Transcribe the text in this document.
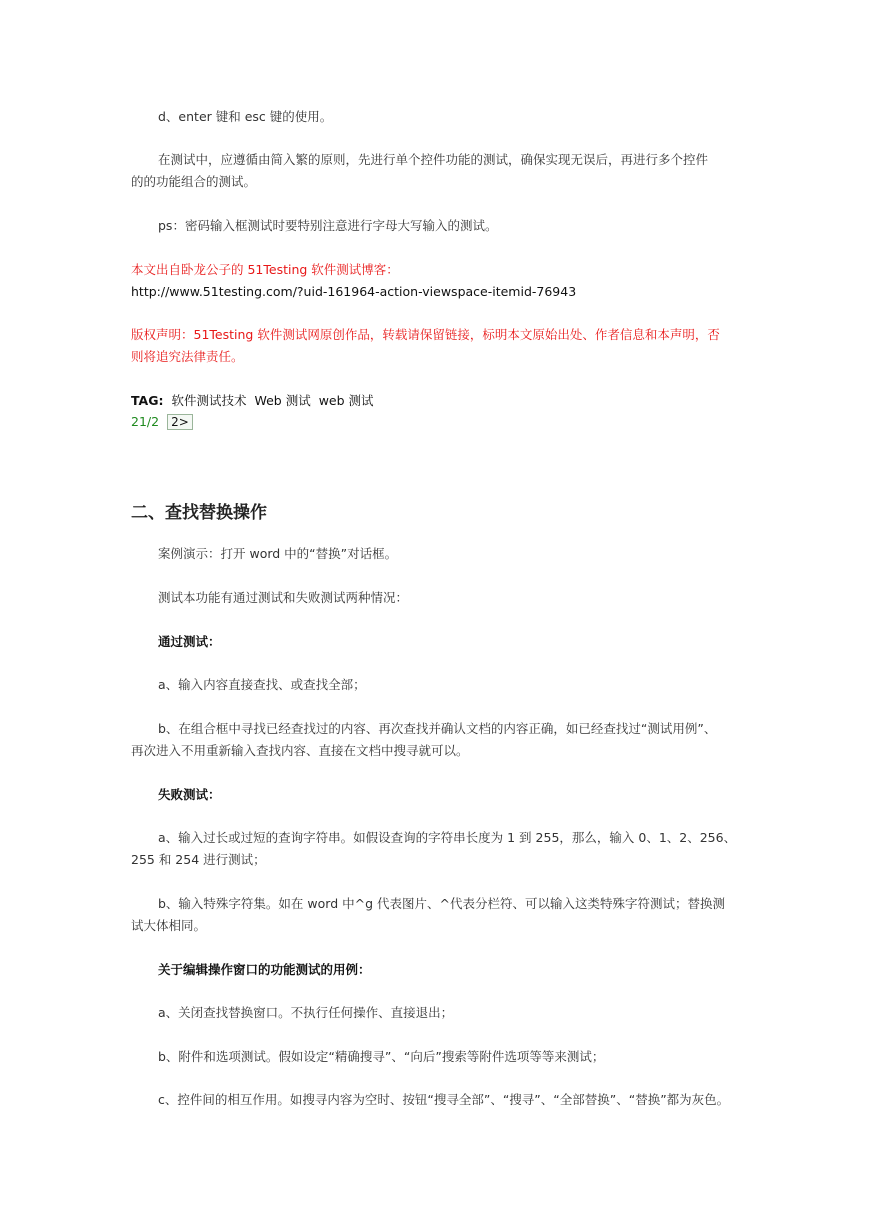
d、enter 键和 esc 键的使用。
在测试中，应遵循由简入繁的原则，先进行单个控件功能的测试，确保实现无误后，再进行多个控件
的的功能组合的测试。
ps：密码输入框测试时要特别注意进行字母大写输入的测试。
本文出自卧龙公子的 51Testing 软件测试博客：
http://www.51testing.com/?uid-161964-action-viewspace-itemid-76943
版权声明：51Testing 软件测试网原创作品，转载请保留链接，标明本文原始出处、作者信息和本声明，否
则将追究法律责任。
TAG: 软件测试技术 Web 测试 web 测试
21/2 2>
二、查找替换操作
案例演示：打开 word 中的“替换”对话框。
测试本功能有通过测试和失败测试两种情况：
通过测试：
a、输入内容直接查找、或查找全部；
b、在组合框中寻找已经查找过的内容、再次查找并确认文档的内容正确，如已经查找过“测试用例”、
再次进入不用重新输入查找内容、直接在文档中搜寻就可以。
失败测试：
a、输入过长或过短的查询字符串。如假设查询的字符串长度为 1 到 255，那么，输入 0、1、2、256、
255 和 254 进行测试；
b、输入特殊字符集。如在 word 中^g 代表图片、^代表分栏符、可以输入这类特殊字符测试；替换测
试大体相同。
关于编辑操作窗口的功能测试的用例：
a、关闭查找替换窗口。不执行任何操作、直接退出；
b、附件和选项测试。假如设定“精确搜寻”、“向后”搜索等附件选项等等来测试；
c、控件间的相互作用。如搜寻内容为空时、按钮“搜寻全部”、“搜寻”、“全部替换”、“替换”都为灰色。
